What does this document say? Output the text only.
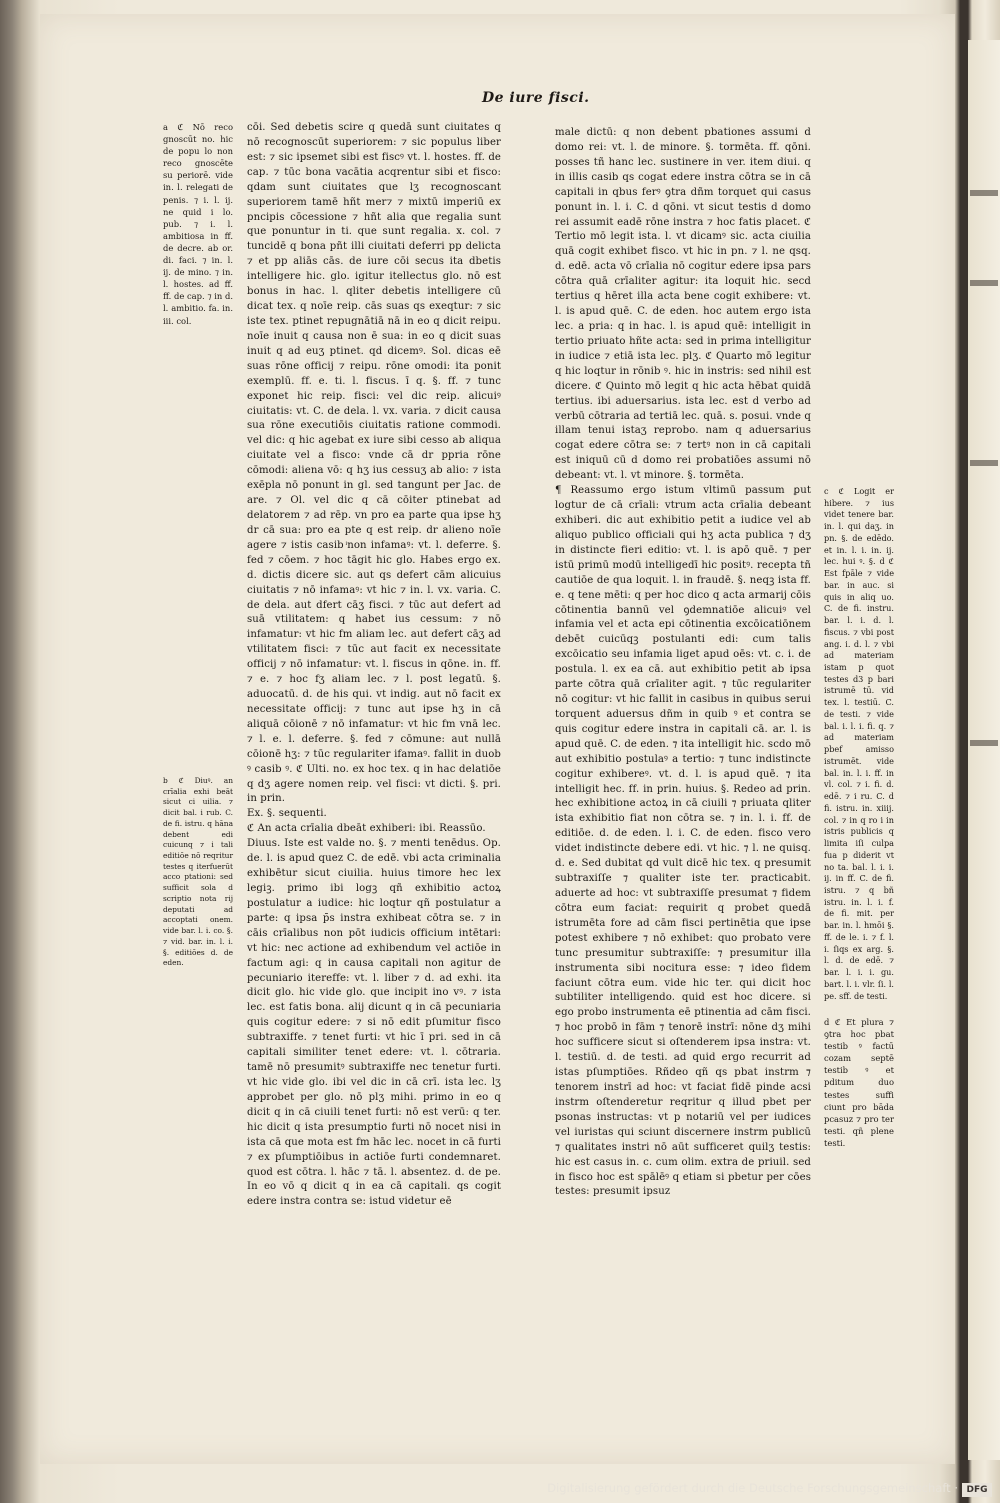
De iure fisci.
a ℭ Nō reco gnoscūt no. hic de popu lo non reco gnoscēte su periorē. vide in. l. relegati de penis. ⁊ i. l. ij. ne quid i lo. pub. ⁊ i. l. ambitiosa in ff. de decre. ab or. di. faci. ⁊ in. l. ij. de mino. ⁊ in. l. hostes. ad ff. ff. de cap. ⁊ in d. l. ambitio. fa. in. iii. col.
b ℭ Diuꝰ. an crīalia exhi beāt sicut ci uilia. ⁊ dicit bal. i rub. C. de fi. istru. q hāna debent edi cuicunq ⁊ i tali editiōe nō reqritur testes q iterfuerūt acco ptationi: sed sufficit sola d scriptio nota rij deputati ad accoptati onem. vide bar. l. i. co. §. ⁊ vid. bar. in. l. i. §. editiōes d. de eden.
cōi. Sed debetis scire q quedā sunt ciuitates q nō recognoscūt superiorem: ⁊ sic populus liber est: ⁊ sic ipsemet sibi est fiscꝰ vt. l. hostes. ff. de cap. ⁊ tūc bona vacātia acqrentur sibi et fisco: qdam sunt ciuitates que lʒ recognoscant superiorem tamē hñt mer⁊ ⁊ mixtū imperiū ex pncipis cōcessione ⁊ hñt alia que regalia sunt que ponuntur in ti. que sunt regalia. x. col. ⁊ tuncidē q bona pñt illi ciuitati deferri pp delicta ⁊ et pp aliās cās. de iure cōi secus ita dbetis intelligere hic. glo. igitur itellectus glo. nō est bonus in hac. l. qliter debetis intelligere cū dicat tex. q noīe reip. cās suas qs exeqtur: ⁊ sic iste tex. ptinet repugnātiā nā in eo q dicit reipu. noīe inuit q causa non ē sua: in eo q dicit suas inuit q ad euʒ ptinet. qd dicemꝰ. Sol. dicas eē suas rōne officij ⁊ reipu. rōne omodi: ita ponit exemplū. ff. e. ti. l. fiscus. ī q. §. ff. ⁊ tunc exponet hic reip. fisci: vel dic reip. alicuiꝰ ciuitatis: vt. C. de dela. l. vx. varia. ⁊ dicit causa sua rōne executiōis ciuitatis ratione commodi. vel dic: q hic agebat ex iure sibi cesso ab aliqua ciuitate vel a fisco: vnde cā dr ppria rōne cōmodi: aliena vō: q hʒ ius cessuʒ ab alio: ⁊ ista exēpla nō ponunt in gl. sed tangunt per Jac. de are. ⁊ Ol. vel dic q cā cōiter ptinebat ad delatorem ⁊ ad rēp. vn pro ea parte qua ipse hʒ dr cā sua: pro ea pte q est reip. dr alieno noīe agere ⁊ istis casib ͥnon infamaꝰ: vt. l. deferre. §. fed ⁊ cōem. ⁊ hoc tāgit hic glo. Habes ergo ex. d. dictis dicere sic. aut qs defert cām alicuius ciuitatis ⁊ nō infamaꝰ: vt hic ⁊ in. l. vx. varia. C. de dela. aut dfert cāʒ fisci. ⁊ tūc aut defert ad suā vtilitatem: q habet ius cessum: ⁊ nō infamatur: vt hic fm aliam lec. aut defert cāʒ ad vtilitatem fisci: ⁊ tūc aut facit ex necessitate officij ⁊ nō infamatur: vt. l. fiscus in qōne. in. ff. ⁊ e. ⁊ hoc fʒ aliam lec. ⁊ l. post legatū. §. aduocatū. d. de his qui. vt indig. aut nō facit ex necessitate officij: ⁊ tunc aut ipse hʒ in cā aliquā cōionē ⁊ nō infamatur: vt hic fm vnā lec. ⁊ l. e. l. deferre. §. fed ⁊ cōmune: aut nullā cōionē hʒ: ⁊ tūc regulariter ifamaꝰ. fallit in duob ꝰ casib ꝰ. ℭ Ulti. no. ex hoc tex. q in hac delatiōe q dʒ agere nomen reip. vel fisci: vt dicti. §. pri. in prin.
Ex. §. sequenti.
ℭ An acta crīalia dbeāt exhiberi: ibi. Reassūo.
Diuus. Iste est valde no. §. ⁊ menti tenēdus. Op. de. l. is apud quez C. de edē. vbi acta criminalia exhibētur sicut ciuilia. huius timore hec lex legiꝫ. primo ibi logꝫ qñ exhibitio actoꝝ postulatur a iudice: hic loqtur qñ postulatur a parte: q ipsa p̄s instra exhibeat cōtra se. ⁊ in cāis crīalibus non pōt iudicis officium intētari: vt hic: nec actione ad exhibendum vel actiōe in factum agi: q in causa capitali non agitur de pecuniario itereffe: vt. l. liber ⁊ d. ad exhi. ita dicit glo. hic vide glo. que incipit ino vꝰ. ⁊ ista lec. est fatis bona. alij dicunt q in cā pecuniaria quis cogitur edere: ⁊ si nō edit pſumitur fisco subtraxiffe. ⁊ tenet furti: vt hic ī pri. sed in cā capitali similiter tenet edere: vt. l. cōtraria. tamē nō presumitꝰ subtraxiffe nec tenetur furti. vt hic vide glo. ibi vel dic in cā crī. ista lec. lʒ approbet per glo. nō plʒ mihi. primo in eo q dicit q in cā ciuili tenet furti: nō est verū: q ter. hic dicit q ista presumptio furti nō nocet nisi in ista cā que mota est fm hāc lec. nocet in cā furti ⁊ ex pſumptiōibus in actiōe furti condemnaret. quod est cōtra. l. hāc ⁊ tā. l. absentez. d. de pe. In eo vō q dicit q in ea cā capitali. qs cogit edere instra contra se: istud videtur eē
male dictū: q non debent pbationes assumi d domo rei: vt. l. de minore. §. tormēta. ff. qōni. posses tñ hanc lec. sustinere in ver. item diui. q in illis casib qs cogat edere instra cōtra se in cā capitali in qbus ferꝰ ꝯtra dñm torquet qui casus ponunt in. l. i. C. d qōni. vt sicut testis d domo rei assumit eadē rōne instra ⁊ hoc fatis placet. ℭ Tertio mō legit ista. l. vt dicamꝰ sic. acta ciuilia quā cogit exhibet fisco. vt hic in pn. ⁊ l. ne qsq. d. edē. acta vō crīalia nō cogitur edere ipsa pars cōtra quā crīaliter agitur: ita loquit hic. secd tertius q hēret illa acta bene cogit exhibere: vt. l. is apud quē. C. de eden. hoc autem ergo ista lec. a pria: q in hac. l. is apud quē: intelligit in tertio priuato hñte acta: sed in prima intelligitur in iudice ⁊ etiā ista lec. plʒ. ℭ Quarto mō legitur q hic loqtur in rōnib ꝰ. hic in instris: sed nihil est dicere. ℭ Quinto mō legit q hic acta hēbat quidā tertius. ibi aduersarius. ista lec. est d verbo ad verbū cōtraria ad tertiā lec. quā. s. posui. vnde q illam tenui istaʒ reprobo. nam q aduersarius cogat edere cōtra se: ⁊ tertꝰ non in cā capitali est iniquū cū d domo rei probatiōes assumi nō debeant: vt. l. vt minore. §. tormēta.
¶ Reassumo ergo istum vltimū passum ꝑut logtur de cā crīali: vtrum acta crīalia debeant exhiberi. dic aut exhibitio petit a iudice vel ab aliquo publico officiali qui hʒ acta publica ⁊ dʒ in distincte fieri editio: vt. l. is apō quē. ⁊ per istū primū modū intelligedī hic positꝰ. recepta tñ cautiōe de qua loquit. l. in fraudē. §. neqꝫ ista ff. e. q tene mēti: q per hoc dico q acta armarij cōis cōtinentia bannū vel ꝯdemnatiōe alicuiꝰ vel infamia vel et acta epi cōtinentia excōicatiōnem debēt cuicūqꝫ postulanti edi: cum talis excōicatio seu infamia liget apud oēs: vt. c. i. de postula. l. ex ea cā. aut exhibitio petit ab ipsa parte cōtra quā crīaliter agit. ⁊ tūc regulariter nō cogitur: vt hic fallit in casibus in quibus serui torquent aduersus dñm in quib ꝰ et contra se quis cogitur edere instra in capitali cā. ar. l. is apud quē. C. de eden. ⁊ ita intelligit hic. scdo mō aut exhibitio postulaꝰ a tertio: ⁊ tunc indistincte cogitur exhibereꝰ. vt. d. l. is apud quē. ⁊ ita intelligit hec. ff. in prin. huius. §. Redeo ad prin. hec exhibitione actoꝝ in cā ciuili ⁊ priuata qliter ista exhibitio fiat non cōtra se. ⁊ in. l. i. ff. de editiōe. d. de eden. l. i. C. de eden. fisco vero videt indistincte debere edi. vt hic. ⁊ l. ne quisq. d. e. Sed dubitat qd vult dicē hic tex. q presumit subtraxiſſe ⁊ qualiter iste ter. practicabit. aduerte ad hoc: vt subtraxiſſe presumat ⁊ fidem cōtra eum faciat: requirit q probet quedā istrumēta fore ad cām fisci pertinētia que ipse potest exhibere ⁊ nō exhibet: quo probato vere tunc presumitur subtraxiſſe: ⁊ presumitur illa instrumenta sibi nocitura esse: ⁊ ideo fidem faciunt cōtra eum. vide hic ter. qui dicit hoc subtiliter intelligendo. quid est hoc dicere. si ego probo instrumenta eē ptinentia ad cām fisci. ⁊ hoc probō in fām ⁊ tenorē instrī: nōne dʒ mihi hoc sufficere sicut si oſtenderem ipsa instra: vt. l. testiū. d. de testi. ad quid ergo recurrit ad istas pſumptiōes. Rñdeo qñ qs pbat instrm ⁊ tenorem instrī ad hoc: vt faciat fidē pinde acsi instrm oſtenderetur reqritur q illud pbet per psonas instructas: vt p notariū vel per iudices vel iuristas qui sciunt discernere instrm publicū ⁊ qualitates instri nō aūt sufficeret quilʒ testis: hic est casus in. c. cum olim. extra de priuil. sed in fisco hoc est spālēꝰ q etiam si pbetur per cōes testes: presumit ipsuz
c ℭ Logit er hibere. ⁊ ius videt tenere bar. in. l. qui daʒ. in pn. §. de edēdo. et in. l. i. in. ij. lec. hui ꝰ. §. d ℭ Est fpāle ⁊ vide bar. in auc. si quis in aliq uo. C. de fi. instru. bar. l. i. d. l. fiscus. ⁊ vbi post ang. i. d. l. ⁊ vbi ad materiam istam p quot testes d3 p bari istrumē tū. vid tex. l. testiū. C. de testi. ⁊ vide bal. i. l. i. fi. q. ⁊ ad materiam pbef amisso istrumēt. vide bal. in. l. i. ff. in vl. col. ⁊ i. fi. d. edē. ⁊ i ru. C. d fi. istru. in. xiiij. col. ⁊ in q ro i in istris publicis q limita iſi culpa fua p diderit vt no ta. bal. l. i. i. ij. in ff. C. de fi. istru. ⁊ q bñ istru. in. l. i. f. de fi. mit. per bar. in. l. hmōi §. ff. de le. i. ⁊ f. l. i. ſiqs ex arg. §. l. d. de edē. ⁊ bar. l. i. i. gu. bart. l. i. vlr. ſi. l. pe. sff. de testi.
d ℭ Et plura ⁊ ꝯtra hoc pbat testib ꝰ factū cozam septē testib ꝰ et pditum duo testes suffi ciunt pro bāda pcasuz ⁊ pro ter testi. qñ plene testi.
Digitalisierung gefördert durch die Deutsche Forschungsgemeinschaft · DFG
